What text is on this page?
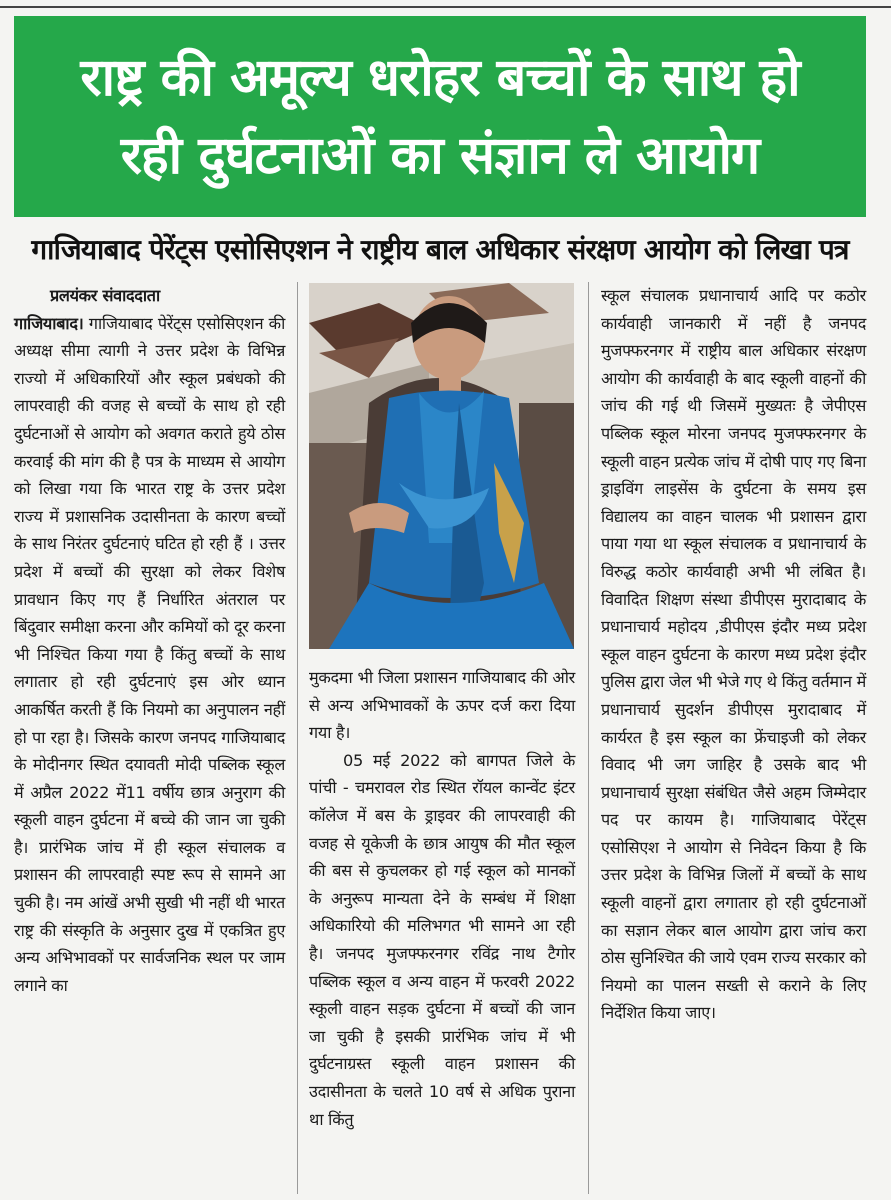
राष्ट्र की अमूल्य धरोहर बच्चों के साथ हो
रही दुर्घटनाओं का संज्ञान ले आयोग
गाजियाबाद पेरेंट्स एसोसिएशन ने राष्ट्रीय बाल अधिकार संरक्षण आयोग को लिखा पत्र

प्रलयंकर संवाददाता

गाजियाबाद। गाजियाबाद पेरेंट्स एसोसिएशन की अध्यक्ष सीमा त्यागी ने उत्तर प्रदेश के विभिन्न राज्यो में अधिकारियों और स्कूल प्रबंधको की लापरवाही की वजह से बच्चों के साथ हो रही दुर्घटनाओं से आयोग को अवगत कराते हुये ठोस करवाई की मांग की है पत्र के माध्यम से आयोग को लिखा गया कि भारत राष्ट्र के उत्तर प्रदेश राज्य में प्रशासनिक उदासीनता के कारण बच्चों के साथ निरंतर दुर्घटनाएं घटित हो रही हैं । उत्तर प्रदेश में बच्चों की सुरक्षा को लेकर विशेष प्रावधान किए गए हैं निर्धारित अंतराल पर बिंदुवार समीक्षा करना और कमियों को दूर करना भी निश्चित किया गया है किंतु बच्चों के साथ लगातार हो रही दुर्घटनाएं इस ओर ध्यान आकर्षित करती हैं कि नियमो का अनुपालन नहीं हो पा रहा है। जिसके कारण जनपद गाजियाबाद के मोदीनगर स्थित दयावती मोदी पब्लिक स्कूल में अप्रैल 2022 में11 वर्षीय छात्र अनुराग की स्कूली वाहन दुर्घटना में बच्चे की जान जा चुकी है। प्रारंभिक जांच में ही स्कूल संचालक व प्रशासन की लापरवाही स्पष्ट रूप से सामने आ चुकी है। नम आंखें अभी सुखी भी नहीं थी भारत राष्ट्र की संस्कृति के अनुसार दुख में एकत्रित हुए अन्य अभिभावकों पर सार्वजनिक स्थल पर जाम लगाने का

मुकदमा भी जिला प्रशासन गाजियाबाद की ओर से अन्य अभिभावकों के ऊपर दर्ज करा दिया गया है।

05 मई 2022 को बागपत जिले के पांची - चमरावल रोड स्थित रॉयल कान्वेंट इंटर कॉलेज में बस के ड्राइवर की लापरवाही की वजह से यूकेजी के छात्र आयुष की मौत स्कूल की बस से कुचलकर हो गई स्कूल को मानकों के अनुरूप मान्यता देने के सम्बंध में शिक्षा अधिकारियो की मलिभगत भी सामने आ रही है। जनपद मुजफ्फरनगर रविंद्र नाथ टैगोर पब्लिक स्कूल व अन्य वाहन में फरवरी 2022 स्कूली वाहन सड़क दुर्घटना में बच्चों की जान जा चुकी है इसकी प्रारंभिक जांच में भी दुर्घटनाग्रस्त स्कूली वाहन प्रशासन की उदासीनता के चलते 10 वर्ष से अधिक पुराना था किंतु

स्कूल संचालक प्रधानाचार्य आदि पर कठोर कार्यवाही जानकारी में नहीं है जनपद मुजफ्फरनगर में राष्ट्रीय बाल अधिकार संरक्षण आयोग की कार्यवाही के बाद स्कूली वाहनों की जांच की गई थी जिसमें मुख्यतः है जेपीएस पब्लिक स्कूल मोरना जनपद मुजफ्फरनगर के स्कूली वाहन प्रत्येक जांच में दोषी पाए गए बिना ड्राइविंग लाइसेंस के दुर्घटना के समय इस विद्यालय का वाहन चालक भी प्रशासन द्वारा पाया गया था स्कूल संचालक व प्रधानाचार्य के विरुद्ध कठोर कार्यवाही अभी भी लंबित है। विवादित शिक्षण संस्था डीपीएस मुरादाबाद के प्रधानाचार्य महोदय ,डीपीएस इंदौर मध्य प्रदेश स्कूल वाहन दुर्घटना के कारण मध्य प्रदेश इंदौर पुलिस द्वारा जेल भी भेजे गए थे किंतु वर्तमान में प्रधानाचार्य सुदर्शन डीपीएस मुरादाबाद में कार्यरत है इस स्कूल का फ्रेंचाइजी को लेकर विवाद भी जग जाहिर है उसके बाद भी प्रधानाचार्य सुरक्षा संबंधित जैसे अहम जिम्मेदार पद पर कायम है। गाजियाबाद पेरेंट्स एसोसिएश ने आयोग से निवेदन किया है कि उत्तर प्रदेश के विभिन्न जिलों में बच्चों के साथ स्कूली वाहनों द्वारा लगातार हो रही दुर्घटनाओं का सज्ञान लेकर बाल आयोग द्वारा जांच करा ठोस सुनिश्चित की जाये एवम राज्य सरकार को नियमो का पालन सख्ती से कराने के लिए निर्देशित किया जाए।
